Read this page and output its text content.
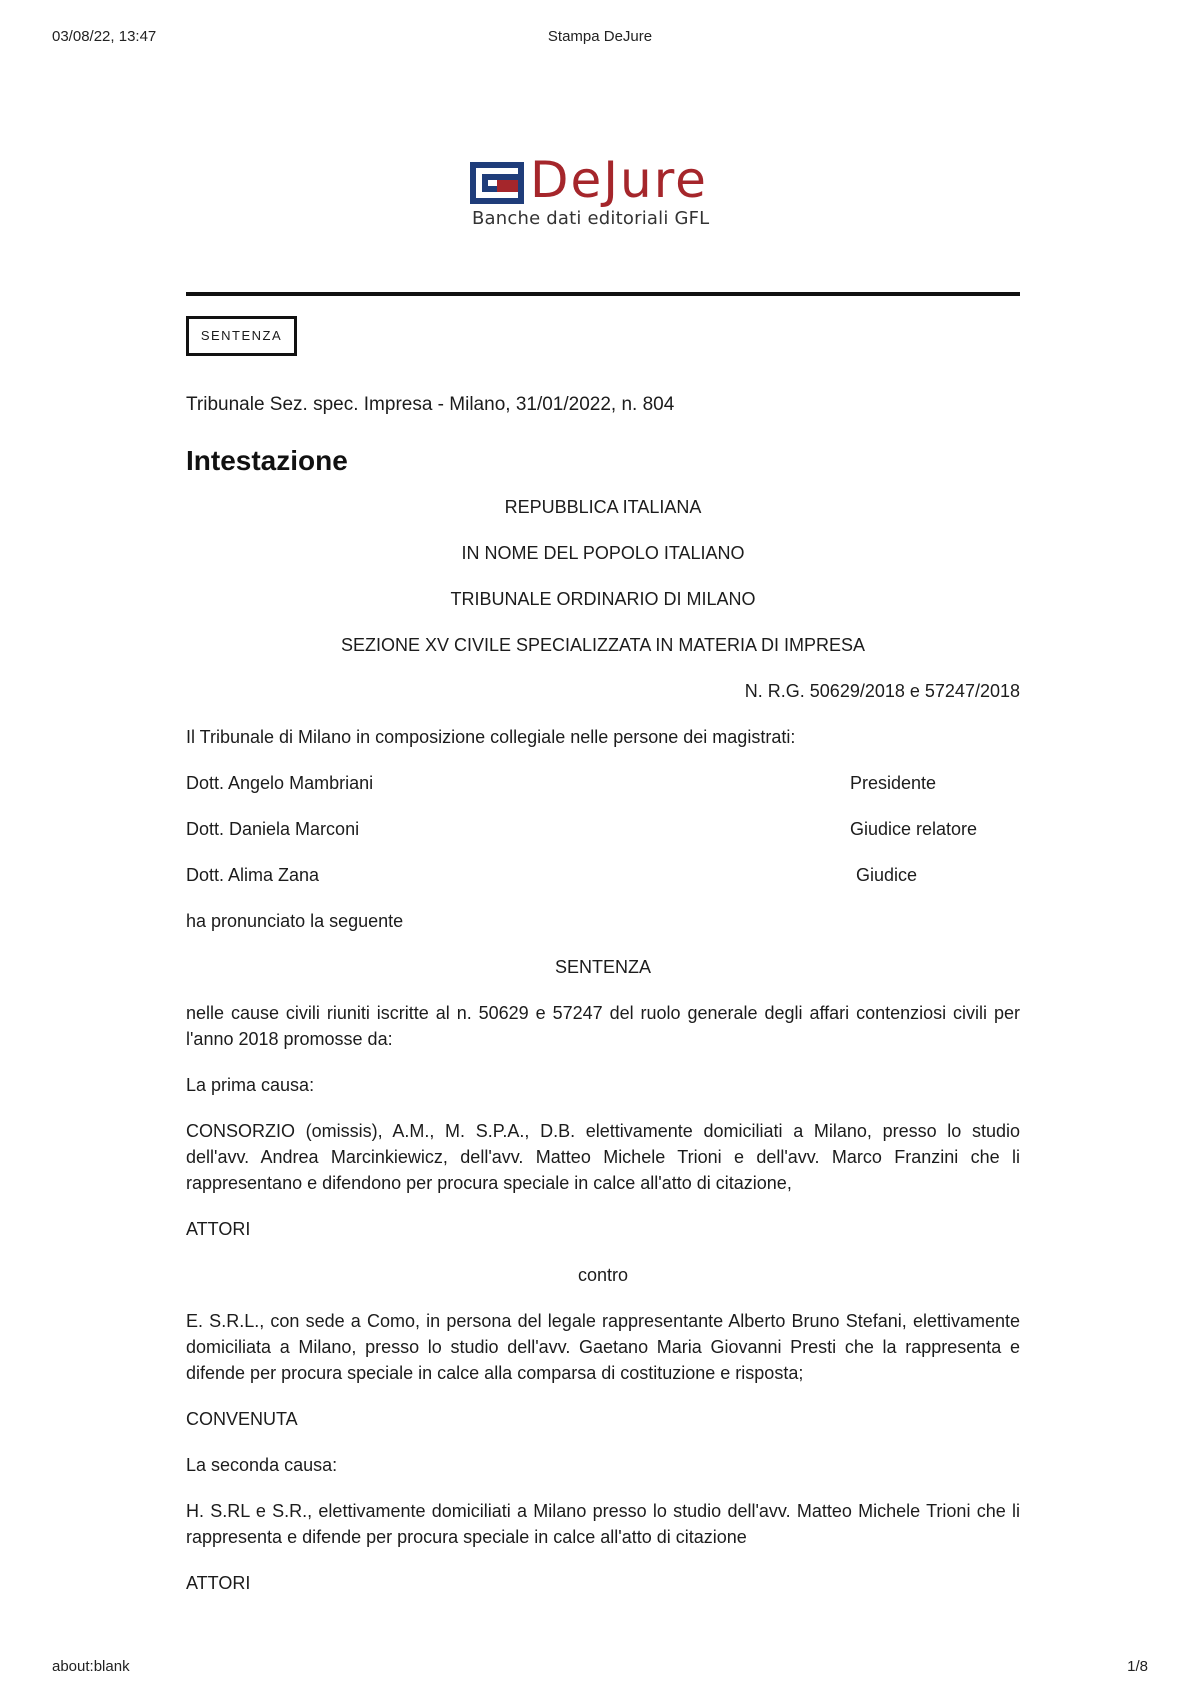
03/08/22, 13:47	Stampa DeJure
DeJure
Banche dati editoriali GFL
SENTENZA
Tribunale Sez. spec. Impresa - Milano, 31/01/2022, n. 804
Intestazione
REPUBBLICA ITALIANA
IN NOME DEL POPOLO ITALIANO
TRIBUNALE ORDINARIO DI MILANO
SEZIONE XV CIVILE SPECIALIZZATA IN MATERIA DI IMPRESA
N. R.G. 50629/2018 e 57247/2018
Il Tribunale di Milano in composizione collegiale nelle persone dei magistrati:
Dott. Angelo Mambriani	Presidente
Dott. Daniela Marconi	Giudice relatore
Dott. Alima Zana	Giudice
ha pronunciato la seguente
SENTENZA
nelle cause civili riuniti iscritte al n. 50629 e 57247 del ruolo generale degli affari contenziosi civili per l'anno 2018 promosse da:
La prima causa:
CONSORZIO (omissis), A.M., M. S.P.A., D.B. elettivamente domiciliati a Milano, presso lo studio dell'avv. Andrea Marcinkiewicz, dell'avv. Matteo Michele Trioni e dell'avv. Marco Franzini che li rappresentano e difendono per procura speciale in calce all'atto di citazione,
ATTORI
contro
E. S.R.L., con sede a Como, in persona del legale rappresentante Alberto Bruno Stefani, elettivamente domiciliata a Milano, presso lo studio dell'avv. Gaetano Maria Giovanni Presti che la rappresenta e difende per procura speciale in calce alla comparsa di costituzione e risposta;
CONVENUTA
La seconda causa:
H. S.RL e S.R., elettivamente domiciliati a Milano presso lo studio dell'avv. Matteo Michele Trioni che li rappresenta e difende per procura speciale in calce all'atto di citazione
ATTORI
about:blank	1/8
